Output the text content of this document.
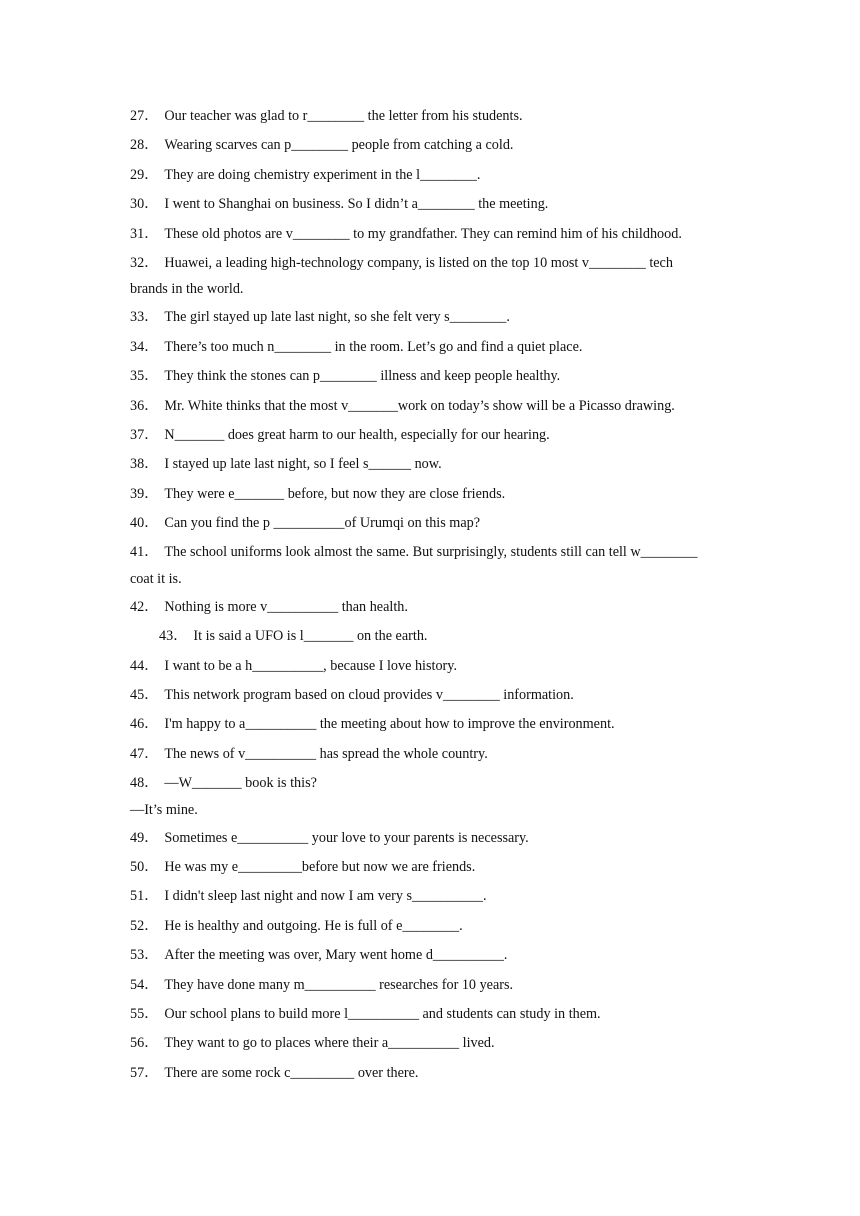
27． Our teacher was glad to r________ the letter from his students.
28． Wearing scarves can p________ people from catching a cold.
29． They are doing chemistry experiment in the l________.
30． I went to Shanghai on business. So I didn’t a________ the meeting.
31． These old photos are v________ to my grandfather. They can remind him of his childhood.
32． Huawei, a leading high-technology company, is listed on the top 10 most v________ tech
brands in the world.
33． The girl stayed up late last night, so she felt very s________.
34． There’s too much n________ in the room. Let’s go and find a quiet place.
35． They think the stones can p________ illness and keep people healthy.
36． Mr. White thinks that the most v_______work on today’s show will be a Picasso drawing.
37． N_______ does great harm to our health, especially for our hearing.
38． I stayed up late last night, so I feel s______ now.
39． They were e_______ before, but now they are close friends.
40． Can you find the p __________of Urumqi on this map?
41． The school uniforms look almost the same. But surprisingly, students still can tell w________
coat it is.
42． Nothing is more v__________ than health.
43． It is said a UFO is l_______ on the earth.
44． I want to be a h__________, because I love history.
45． This network program based on cloud provides v________ information.
46． I'm happy to a__________ the meeting about how to improve the environment.
47． The news of v__________ has spread the whole country.
48． —W_______ book is this?
—It’s mine.
49． Sometimes e__________ your love to your parents is necessary.
50． He was my e_________before but now we are friends.
51． I didn't sleep last night and now I am very s__________.
52． He is healthy and outgoing. He is full of e________.
53． After the meeting was over, Mary went home d__________.
54． They have done many m__________ researches for 10 years.
55． Our school plans to build more l__________ and students can study in them.
56． They want to go to places where their a__________ lived.
57． There are some rock c_________ over there.
